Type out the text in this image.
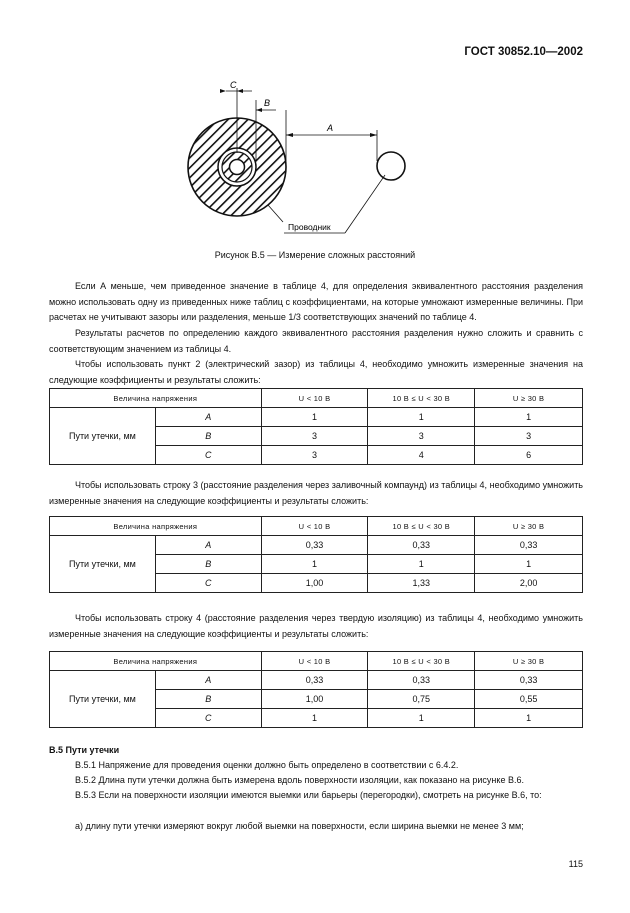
ГОСТ 30852.10—2002
C
B
A
Проводник
Рисунок В.5 — Измерение сложных расстояний

Если А меньше, чем приведенное значение в таблице 4, для определения эквивалентного расстояния разделения можно использовать одну из приведенных ниже таблиц с коэффициентами, на которые умножают измеренные величины. При расчетах не учитывают зазоры или разделения, меньше 1/3 соответствующих значений по таблице 4.

Результаты расчетов по определению каждого эквивалентного расстояния разделения нужно сложить и сравнить с соответствующим значением из таблицы 4.

Чтобы использовать пункт 2 (электрический зазор) из таблицы 4, необходимо умножить измеренные значения на следующие коэффициенты и результаты сложить:

Величина напряжения		U < 10 В	10 В ≤ U < 30 В	U ≥ 30 В
Пути утечки, мм	A	1	1	1
	B	3	3	3
	C	3	4	6

Чтобы использовать строку 3 (расстояние разделения через заливочный компаунд) из таблицы 4, необходимо умножить измеренные значения на следующие коэффициенты и результаты сложить:

Величина напряжения		U < 10 В	10 В ≤ U < 30 В	U ≥ 30 В
Пути утечки, мм	A	0,33	0,33	0,33
	B	1	1	1
	C	1,00	1,33	2,00

Чтобы использовать строку 4 (расстояние разделения через твердую изоляцию) из таблицы 4, необходимо умножить измеренные значения на следующие коэффициенты и результаты сложить:

Величина напряжения		U < 10 В	10 В ≤ U < 30 В	U ≥ 30 В
Пути утечки, мм	A	0,33	0,33	0,33
	B	1,00	0,75	0,55
	C	1	1	1

В.5 Пути утечки

В.5.1 Напряжение для проведения оценки должно быть определено в соответствии с 6.4.2.

В.5.2 Длина пути утечки должна быть измерена вдоль поверхности изоляции, как показано на рисунке В.6.

В.5.3 Если на поверхности изоляции имеются выемки или барьеры (перегородки), смотреть на рисунке В.6, то:

а) длину пути утечки измеряют вокруг любой выемки на поверхности, если ширина выемки не менее 3 мм;

115
